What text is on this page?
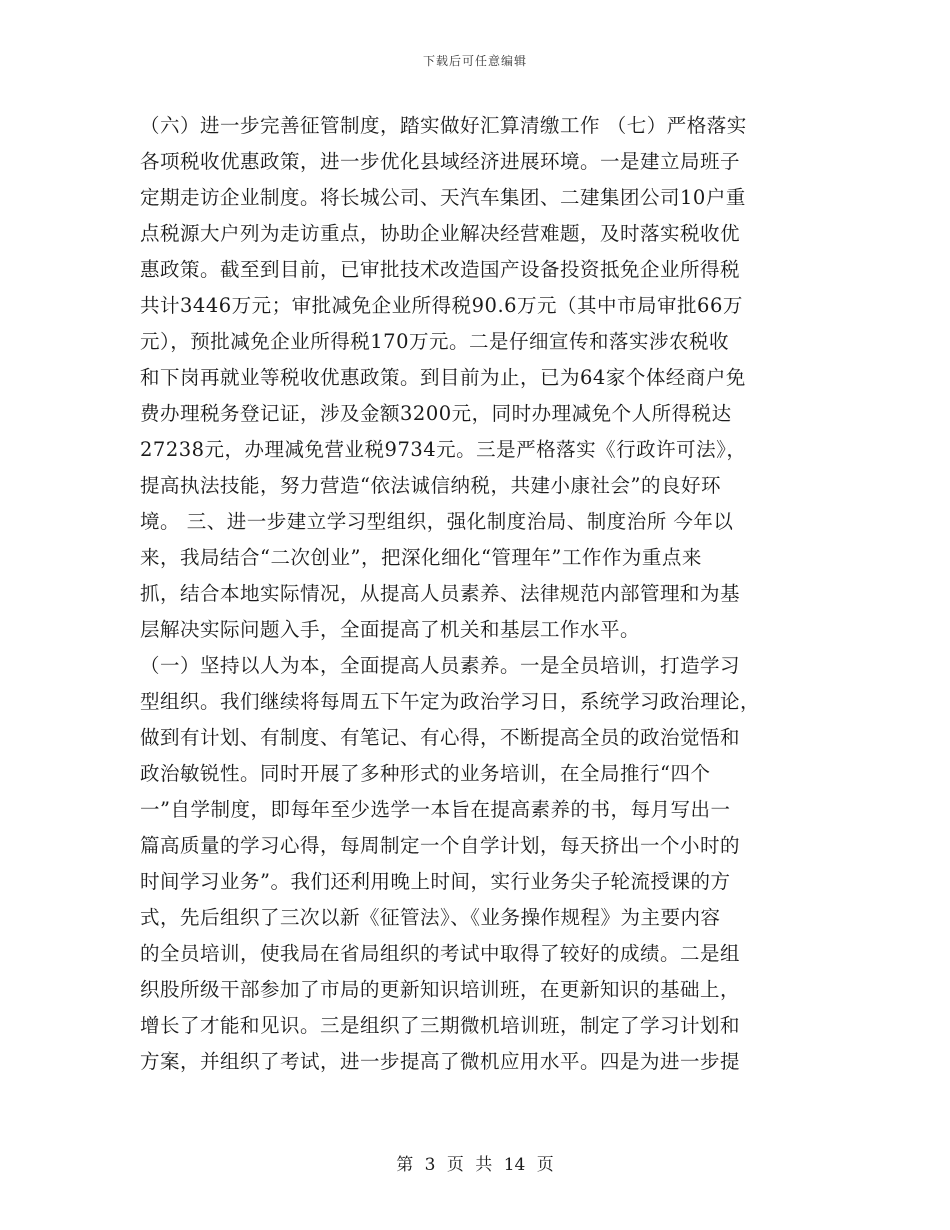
下载后可任意编辑
（六）进一步完善征管制度，踏实做好汇算清缴工作 （七）严格落实
各项税收优惠政策，进一步优化县域经济进展环境。一是建立局班子
定期走访企业制度。将长城公司、天汽车集团、二建集团公司10户重
点税源大户列为走访重点，协助企业解决经营难题，及时落实税收优
惠政策。截至到目前，已审批技术改造国产设备投资抵免企业所得税
共计3446万元；审批减免企业所得税90.6万元（其中市局审批66万
元），预批减免企业所得税170万元。二是仔细宣传和落实涉农税收
和下岗再就业等税收优惠政策。到目前为止，已为64家个体经商户免
费办理税务登记证，涉及金额3200元，同时办理减免个人所得税达
27238元，办理减免营业税9734元。三是严格落实《行政许可法》，
提高执法技能，努力营造“依法诚信纳税，共建小康社会”的良好环
境。 三、进一步建立学习型组织，强化制度治局、制度治所 今年以
来，我局结合“二次创业”，把深化细化“管理年”工作作为重点来
抓，结合本地实际情况，从提高人员素养、法律规范内部管理和为基
层解决实际问题入手，全面提高了机关和基层工作水平。
（一）坚持以人为本，全面提高人员素养。一是全员培训，打造学习
型组织。我们继续将每周五下午定为政治学习日，系统学习政治理论，
做到有计划、有制度、有笔记、有心得，不断提高全员的政治觉悟和
政治敏锐性。同时开展了多种形式的业务培训，在全局推行“四个
一”自学制度，即每年至少选学一本旨在提高素养的书，每月写出一
篇高质量的学习心得，每周制定一个自学计划，每天挤出一个小时的
时间学习业务”。我们还利用晚上时间，实行业务尖子轮流授课的方
式，先后组织了三次以新《征管法》、《业务操作规程》为主要内容
的全员培训，使我局在省局组织的考试中取得了较好的成绩。二是组
织股所级干部参加了市局的更新知识培训班，在更新知识的基础上，
增长了才能和见识。三是组织了三期微机培训班，制定了学习计划和
方案，并组织了考试，进一步提高了微机应用水平。四是为进一步提
第 3 页 共 14 页
